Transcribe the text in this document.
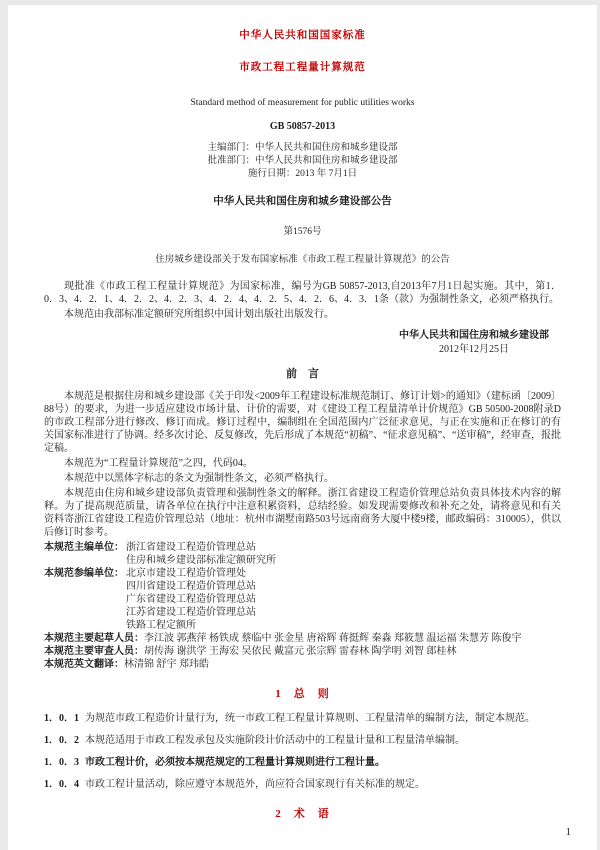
中华人民共和国国家标准
市政工程工程量计算规范
Standard method of measurement for public utilities works
GB 50857-2013
主编部门：中华人民共和国住房和城乡建设部
批准部门：中华人民共和国住房和城乡建设部
施行日期：2013 年 7月1日
中华人民共和国住房和城乡建设部公告
第1576号
住房城乡建设部关于发布国家标准《市政工程工程量计算规范》的公告

现批准《市政工程工程量计算规范》为国家标准，编号为GB 50857-2013,自2013年7月1日起实施。其中，第1．0．3、4．2．1、4．2．2、4．2．3、4．2．4、4．2．5、4．2．6、4．3．1条（款）为强制性条文，必须严格执行。

本规范由我部标准定额研究所组织中国计划出版社出版发行。

中华人民共和国住房和城乡建设部
2012年12月25日
前　言

本规范是根据住房和城乡建设部《关于印发<2009年工程建设标准规范制订、修订计划>的通知》（建标函〔2009〕88号）的要求，为进一步适应建设市场计量、计价的需要，对《建设工程工程量清单计价规范》GB 50500-2008附录D的市政工程部分进行修改、修订而成。修订过程中，编制组在全国范围内广泛征求意见，与正在实施和正在修订的有关国家标准进行了协调。经多次讨论、反复修改，先后形成了本规范“初稿”、“征求意见稿”、“送审稿”，经审查，报批定稿。

本规范为“工程量计算规范”之四，代码04。

本规范中以黑体字标志的条文为强制性条文，必须严格执行。

本规范由住房和城乡建设部负责管理和强制性条文的解释。浙江省建设工程造价管理总站负责具体技术内容的解释。为了提高规范质量，请各单位在执行中注意积累资料，总结经验。如发现需要修改和补充之处，请将意见和有关资料寄浙江省建设工程造价管理总站（地址：杭州市湖墅南路503号远南商务大厦中楼9楼，邮政编码：310005），供以后修订时参考。

本规范主编单位： 浙江省建设工程造价管理总站
住房和城乡建设部标准定额研究所
本规范参编单位： 北京市建设工程造价管理处
四川省建设工程造价管理总站
广东省建设工程造价管理总站
江苏省建设工程造价管理总站
铁路工程定额所
本规范主要起草人员：李江波 郭燕萍 杨铁成 蔡临中 张金星 唐裕辉 蒋挺辉 秦淼 郑筱慧 温运福 朱慧芳 陈俊宇
本规范主要审查人员：胡传海 谢洪学 王海宏 吴依民 戴富元 张宗辉 雷春林 陶学明 刘智 郎桂林
本规范英文翻译：林清锦 舒宇 郑玮皓
1　总　则

1．0．1 为规范市政工程造价计量行为，统一市政工程工程量计算规则、工程量清单的编制方法，制定本规范。

1．0．2 本规范适用于市政工程发承包及实施阶段计价活动中的工程量计量和工程量清单编制。

1．0．3 市政工程计价，必须按本规范规定的工程量计算规则进行工程计量。

1．0．4 市政工程计量活动，除应遵守本规范外，尚应符合国家现行有关标准的规定。

2　术　语
1
